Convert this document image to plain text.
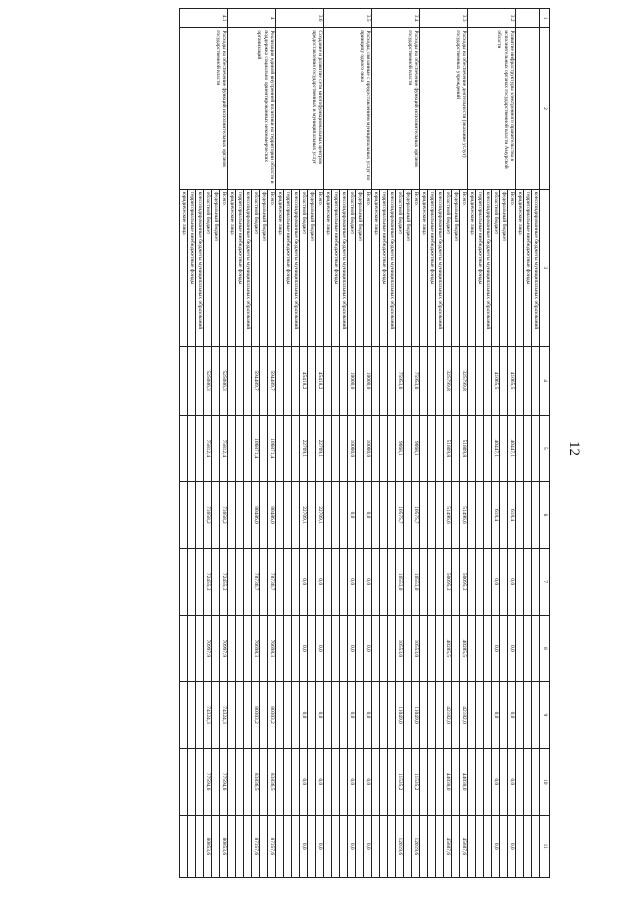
12
1	2	3	4	5	6	7	8	9	10	11
		консолидированные бюджеты муниципальных образований								
		территориальные внебюджетные фонды								
		юридические лица								
3.2	Развитие инфраструктуры электронного правительства в исполнительных органах государственной власти Амурской области	Всего	41065,5	40447,1	618,4	0,0	0,0	0,0	0,0	0,0
		федеральный бюджет								
		областной бюджет	41065,5	40447,1	618,4	0,0	0,0	0,0	0,0	0,0
		консолидированные бюджеты муниципальных образований								
		территориальные внебюджетные фонды								
		юридические лица								
3.3	Расходы на обеспечение деятельности (оказание услуг) государственных учреждений	Всего	325799,8	51809,8	51496,6	50095,3	40285,5	42182,0	44038,0	45887,6
		федеральный бюджет								
		областной бюджет	325799,8	51809,8	51496,6	50095,3	40285,5	42182,0	44038,0	45887,6
		консолидированные бюджеты муниципальных образований								
		территориальные внебюджетные фонды								
		юридические лица								
3.4	Расходы на обеспечение функций исполнительных органов государственной власти	Всего	75953,6	9668,1	10575,7	10553,0	10553,0	11049,0	11535,2	12019,6
		федеральный бюджет								
		областной бюджет	75953,6	9668,1	10575,7	10553,0	10553,0	11049,0	11535,2	12019,6
		консолидированные бюджеты муниципальных образований								
		территориальные внебюджетные фонды								
		юридические лица								
3.5	Расходы, связанные с предоставлением муниципальных услуг по принципу одного окна	Всего	10000,0	10000,0	0,0	0,0	0,0	0,0	0,0	0,0
		федеральный бюджет								
		областной бюджет	10000,0	10000,0	0,0	0,0	0,0	0,0	0,0	0,0
		консолидированные бюджеты муниципальных образований								
		территориальные внебюджетные фонды								
		юридические лица								
3.6	Создание и развитие сети многофункциональных центров предоставления государственных и муниципальных услуг	Всего	45418,2	22709,1	22709,1	0,0	0,0	0,0	0,0	0,0
		федеральный бюджет								
		областной бюджет	45418,2	22709,1	22709,1	0,0	0,0	0,0	0,0	0,0
		консолидированные бюджеты муниципальных образований								
		территориальные внебюджетные фонды								
		юридические лица								
4	Реализация единой внутренней политики на территории области и поддержка социально ориентированных некоммерческих организаций	Всего	594489,7	106871,4	80486,0	78736,7	76698,3	80303,2	83836,5	87357,6
		федеральный бюджет								
		областной бюджет	594489,7	106871,4	80486,0	78736,7	76698,3	80303,2	83836,5	87357,6
		консолидированные бюджеты муниципальных образований								
		территориальные внебюджетные фонды								
		юридические лица								
4.1	Расходы на обеспечение функций исполнительных органов государственной власти	Всего	525086,3	75812,4	73058,2	72455,3	70997,9	74324,3	77594,6	80853,6
		федеральный бюджет								
		областной бюджет	525086,3	75812,4	73058,2	72455,3	70997,9	74324,3	77594,6	80853,6
		консолидированные бюджеты муниципальных образований								
		территориальные внебюджетные фонды								
		юридические лица								
